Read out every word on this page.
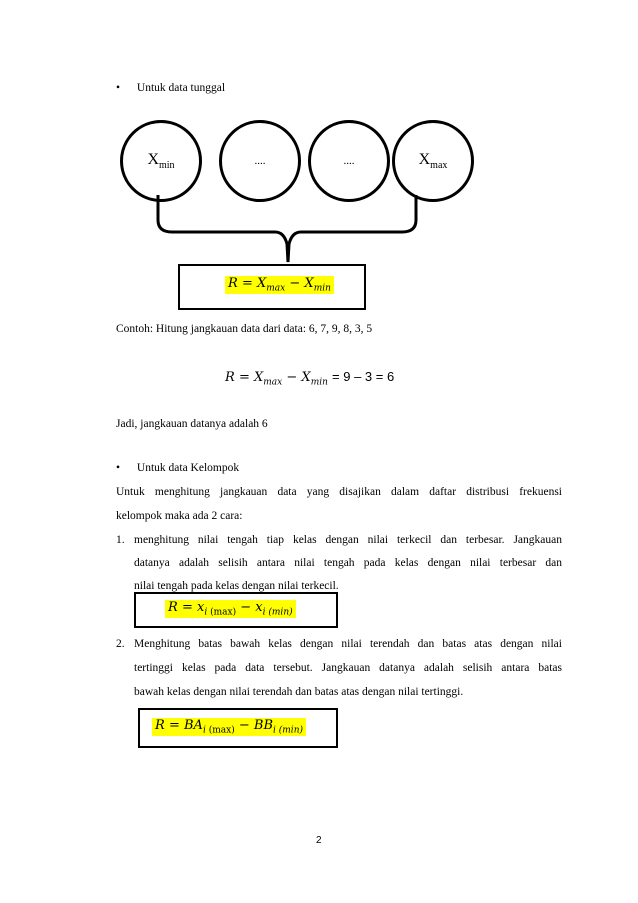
• Untuk data tunggal
$X_{min}$	....	....	$X_{max}$
$R = X_{max} - X_{min}$
Contoh: Hitung jangkauan data dari data: 6, 7, 9, 8, 3, 5
$R = X_{max} - X_{min} = 9 - 3 = 6$
Jadi, jangkauan datanya adalah 6
• Untuk data Kelompok
Untuk menghitung jangkauan data yang disajikan dalam daftar distribusi frekuensi
kelompok maka ada 2 cara:
1. menghitung nilai tengah tiap kelas dengan nilai terkecil dan terbesar. Jangkauan
datanya adalah selisih antara nilai tengah pada kelas dengan nilai terbesar dan
nilai tengah pada kelas dengan nilai terkecil.
$R = x_{i (max)} - x_{i (min)}$
2. Menghitung batas bawah kelas dengan nilai terendah dan batas atas dengan nilai
tertinggi kelas pada data tersebut. Jangkauan datanya adalah selisih antara batas
bawah kelas dengan nilai terendah dan batas atas dengan nilai tertinggi.
$R = BA_{i (max)} - BB_{i (min)}$
2
